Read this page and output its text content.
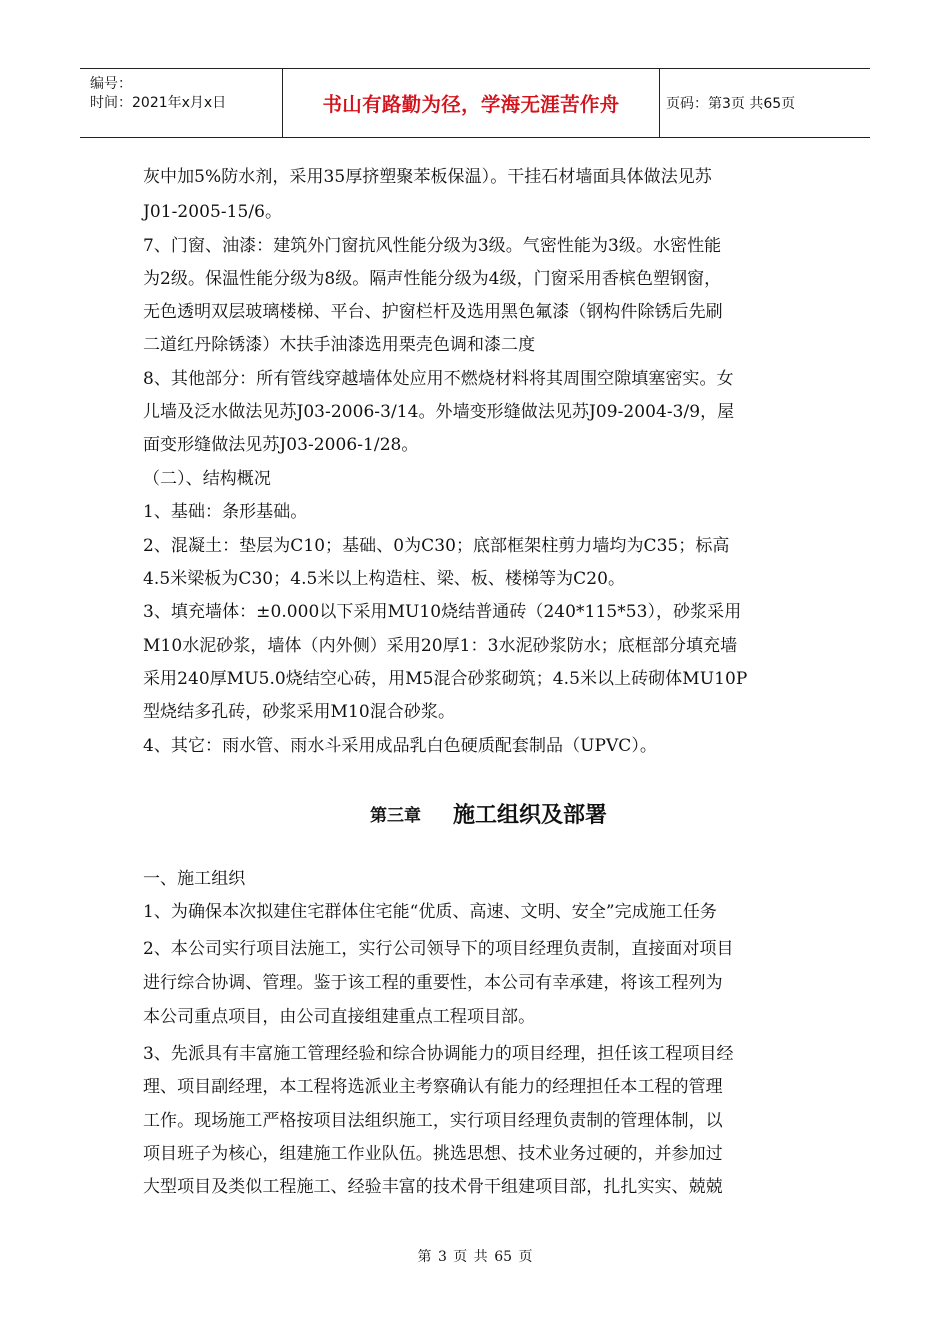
编号：
时间：2021年x月x日	书山有路勤为径，学海无涯苦作舟	页码：第3页 共65页
灰中加5%防水剂，采用35厚挤塑聚苯板保温）。干挂石材墙面具体做法见苏
J01-2005-15/6。
7、门窗、油漆：建筑外门窗抗风性能分级为3级。气密性能为3级。水密性能
为2级。保温性能分级为8级。隔声性能分级为4级，门窗采用香槟色塑钢窗，
无色透明双层玻璃楼梯、平台、护窗栏杆及选用黑色氟漆（钢构件除锈后先刷
二道红丹除锈漆）木扶手油漆选用栗壳色调和漆二度
8、其他部分：所有管线穿越墙体处应用不燃烧材料将其周围空隙填塞密实。女
儿墙及泛水做法见苏J03-2006-3/14。外墙变形缝做法见苏J09-2004-3/9，屋
面变形缝做法见苏J03-2006-1/28。
（二）、结构概况
1、基础：条形基础。
2、混凝土：垫层为C10；基础、0为C30；底部框架柱剪力墙均为C35；标高
4.5米梁板为C30；4.5米以上构造柱、梁、板、楼梯等为C20。
3、填充墙体：±0.000以下采用MU10烧结普通砖（240*115*53），砂浆采用
M10水泥砂浆，墙体（内外侧）采用20厚1：3水泥砂浆防水；底框部分填充墙
采用240厚MU5.0烧结空心砖，用M5混合砂浆砌筑；4.5米以上砖砌体MU10P
型烧结多孔砖，砂浆采用M10混合砂浆。
4、其它：雨水管、雨水斗采用成品乳白色硬质配套制品（UPVC）。
一、施工组织
1、为确保本次拟建住宅群体住宅能“优质、高速、文明、安全”完成施工任务
2、本公司实行项目法施工，实行公司领导下的项目经理负责制，直接面对项目
进行综合协调、管理。鉴于该工程的重要性，本公司有幸承建，将该工程列为
本公司重点项目，由公司直接组建重点工程项目部。
3、先派具有丰富施工管理经验和综合协调能力的项目经理，担任该工程项目经
理、项目副经理，本工程将选派业主考察确认有能力的经理担任本工程的管理
工作。现场施工严格按项目法组织施工，实行项目经理负责制的管理体制，以
项目班子为核心，组建施工作业队伍。挑选思想、技术业务过硬的，并参加过
大型项目及类似工程施工、经验丰富的技术骨干组建项目部，扎扎实实、兢兢
第三章 施工组织及部署
第 3 页 共 65 页
